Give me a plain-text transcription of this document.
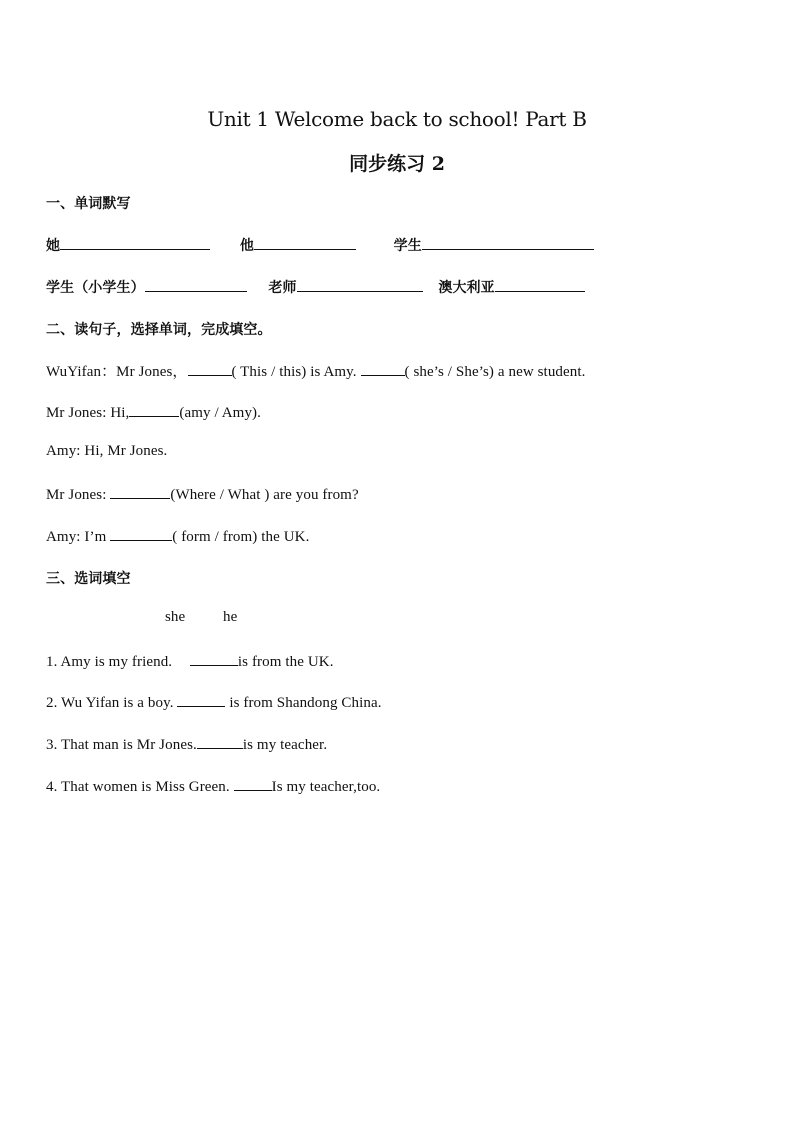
Unit 1 Welcome back to school! Part B
同步练习 2
一、单词默写
她	他	学生
学生（小学生）	老师	澳大利亚
二、读句子，选择单词，完成填空。
WuYifan：Mr Jones，	( This / this) is Amy.	( she’s / She’s) a new student.
Mr Jones: Hi,	(amy / Amy).
Amy: Hi, Mr Jones.
Mr Jones:	(Where / What ) are you from?
Amy: I’m	( form / from) the UK.
三、选词填空
she	he
1. Amy is my friend.	is from the UK.
2. Wu Yifan is a boy.	is from Shandong China.
3. That man is Mr Jones.	is my teacher.
4. That women is Miss Green.	Is my teacher,too.
